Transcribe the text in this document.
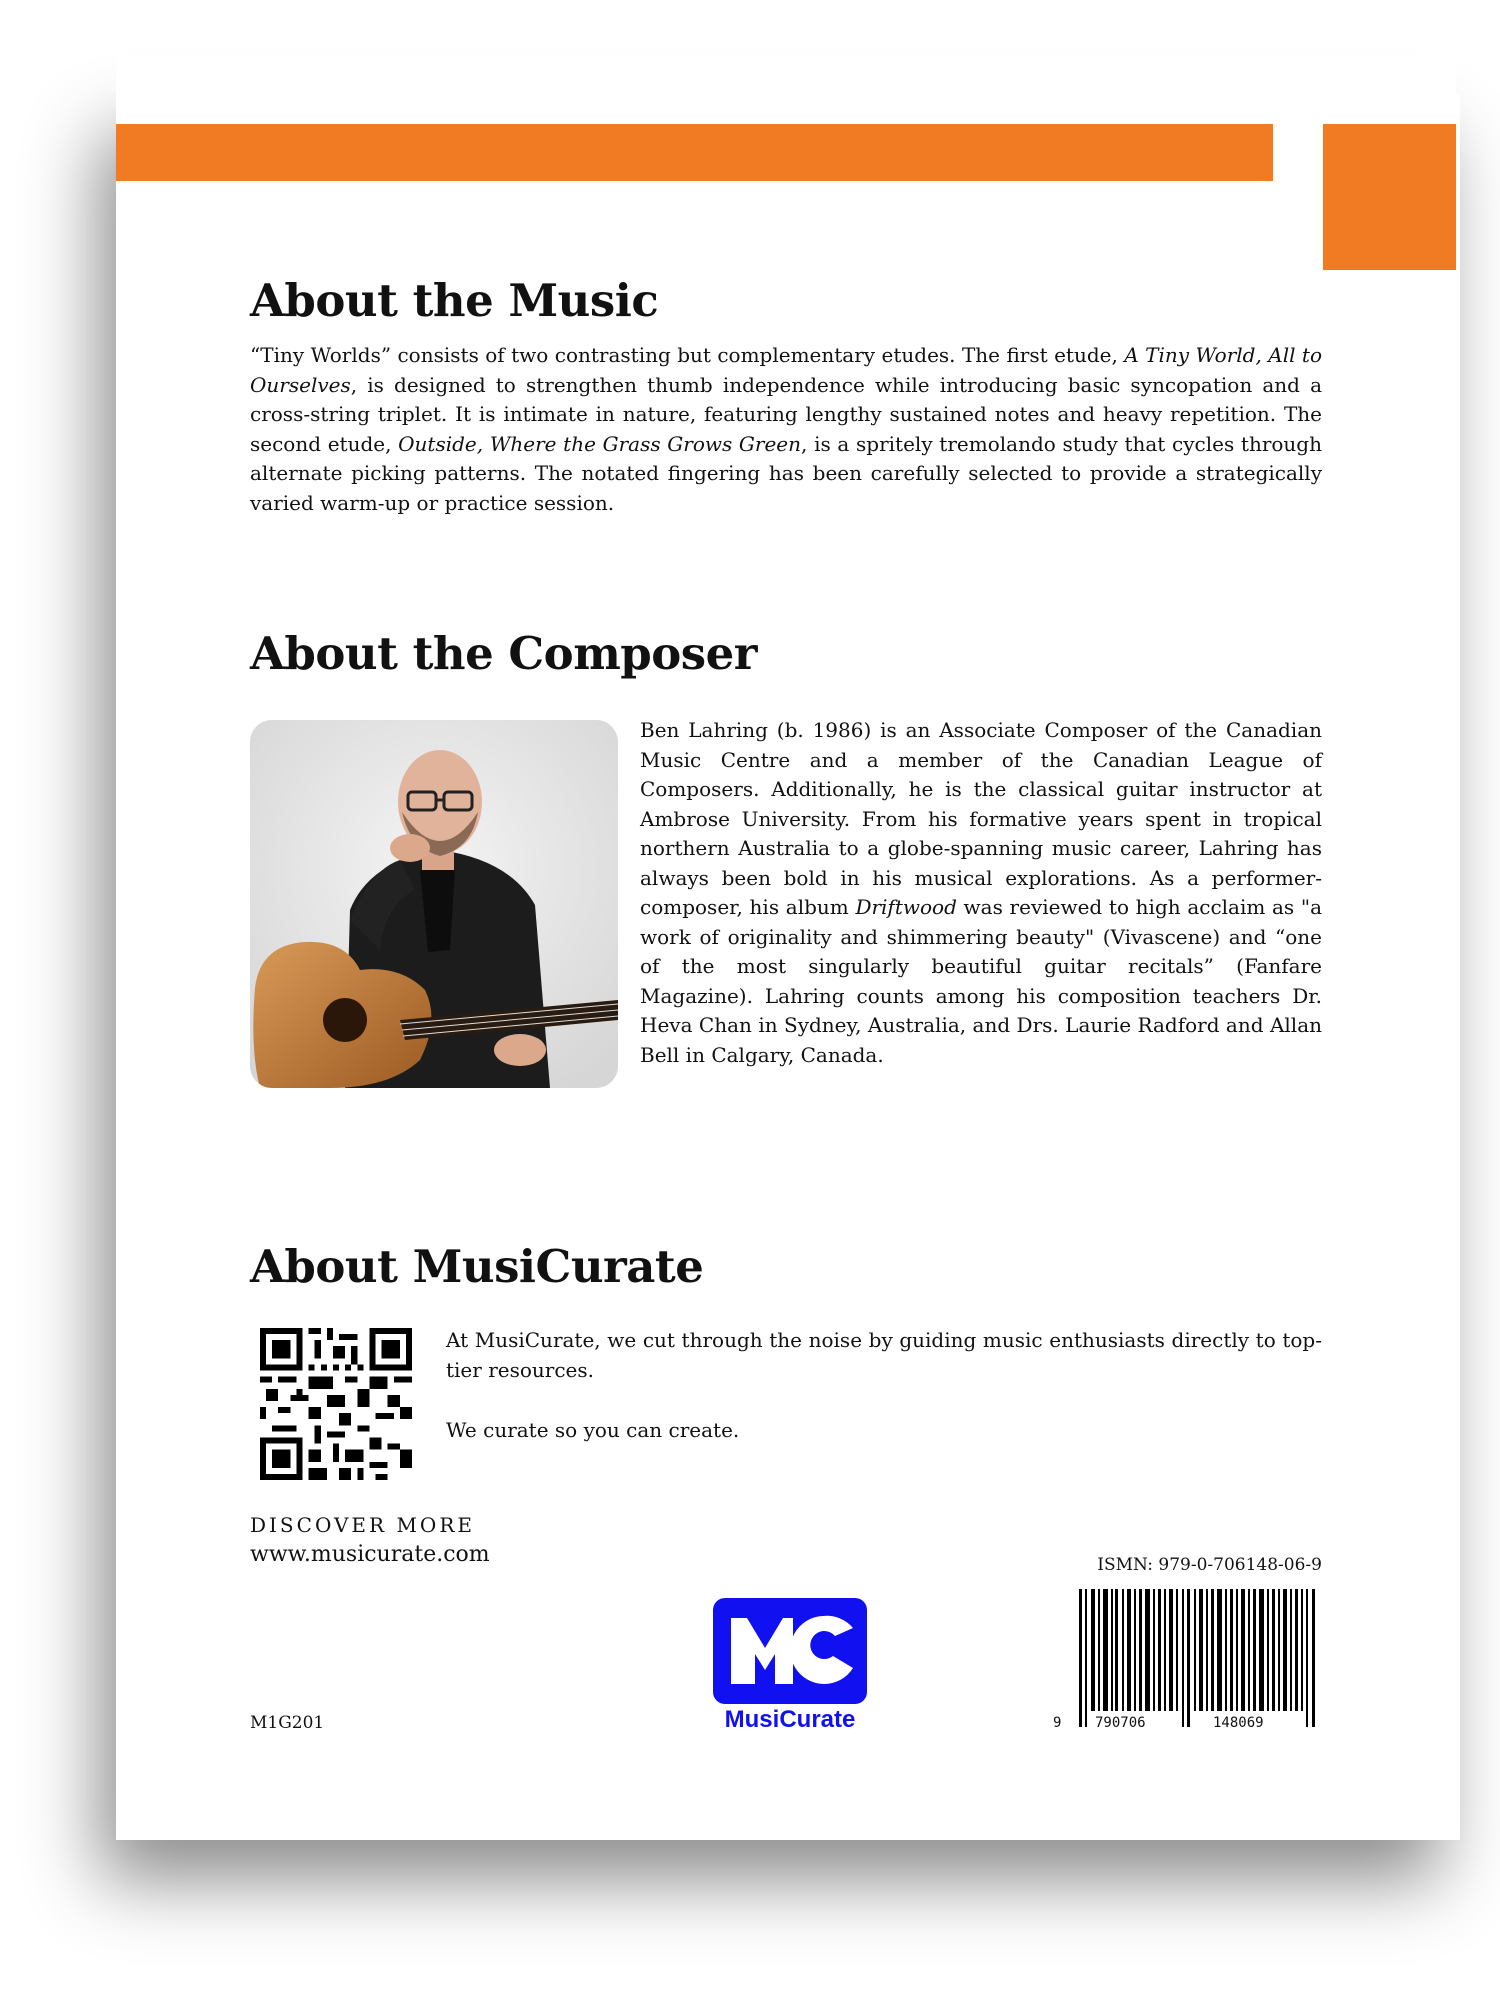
About the Music

“Tiny Worlds” consists of two contrasting but complementary etudes. The first etude, A Tiny World, All to Ourselves, is designed to strengthen thumb independence while introducing basic syncopation and a cross-string triplet. It is intimate in nature, featuring lengthy sustained notes and heavy repetition. The second etude, Outside, Where the Grass Grows Green, is a spritely tremolando study that cycles through alternate picking patterns. The notated fingering has been carefully selected to provide a strategically varied warm-up or practice session.

About the Composer

Ben Lahring (b. 1986) is an Associate Composer of the Canadian Music Centre and a member of the Canadian League of Composers. Additionally, he is the classical guitar instructor at Ambrose University. From his formative years spent in tropical northern Australia to a globe-spanning music career, Lahring has always been bold in his musical explorations. As a performer-composer, his album Driftwood was reviewed to high acclaim as "a work of originality and shimmering beauty" (Vivascene) and “one of the most singularly beautiful guitar recitals” (Fanfare Magazine). Lahring counts among his composition teachers Dr. Heva Chan in Sydney, Australia, and Drs. Laurie Radford and Allan Bell in Calgary, Canada.

About MusiCurate

At MusiCurate, we cut through the noise by guiding music enthusiasts directly to top-tier resources.

We curate so you can create.

DISCOVER MORE
www.musicurate.com
M1G201	MusiCurate
ISMN: 979-0-706148-06-9
9 790706	148069
